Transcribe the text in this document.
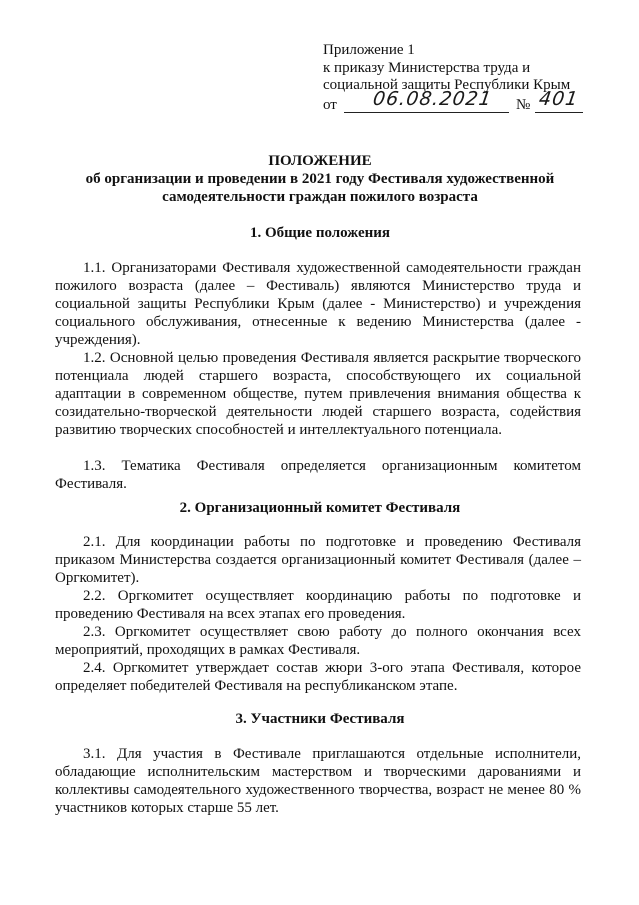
Приложение 1
к приказу Министерства труда и
социальной защиты Республики Крым
от 06.08.2021 № 401
ПОЛОЖЕНИЕ
об организации и проведении в 2021 году Фестиваля художественной
самодеятельности граждан пожилого возраста
1. Общие положения

1.1. Организаторами Фестиваля художественной самодеятельности граждан пожилого возраста (далее – Фестиваль) являются Министерство труда и социальной защиты Республики Крым (далее - Министерство) и учреждения социального обслуживания, отнесенные к ведению Министерства (далее - учреждения).

1.2. Основной целью проведения Фестиваля является раскрытие творческого потенциала людей старшего возраста, способствующего их социальной адаптации в современном обществе, путем привлечения внимания общества к созидательно-творческой деятельности людей старшего возраста, содействия развитию творческих способностей и интеллектуального потенциала.

1.3. Тематика Фестиваля определяется организационным комитетом Фестиваля.

2. Организационный комитет Фестиваля

2.1. Для координации работы по подготовке и проведению Фестиваля приказом Министерства создается организационный комитет Фестиваля (далее – Оргкомитет).

2.2. Оргкомитет осуществляет координацию работы по подготовке и проведению Фестиваля на всех этапах его проведения.

2.3. Оргкомитет осуществляет свою работу до полного окончания всех мероприятий, проходящих в рамках Фестиваля.

2.4. Оргкомитет утверждает состав жюри 3-ого этапа Фестиваля, которое определяет победителей Фестиваля на республиканском этапе.

3. Участники Фестиваля

3.1. Для участия в Фестивале приглашаются отдельные исполнители, обладающие исполнительским мастерством и творческими дарованиями и коллективы самодеятельного художественного творчества, возраст не менее 80 % участников которых старше 55 лет.
